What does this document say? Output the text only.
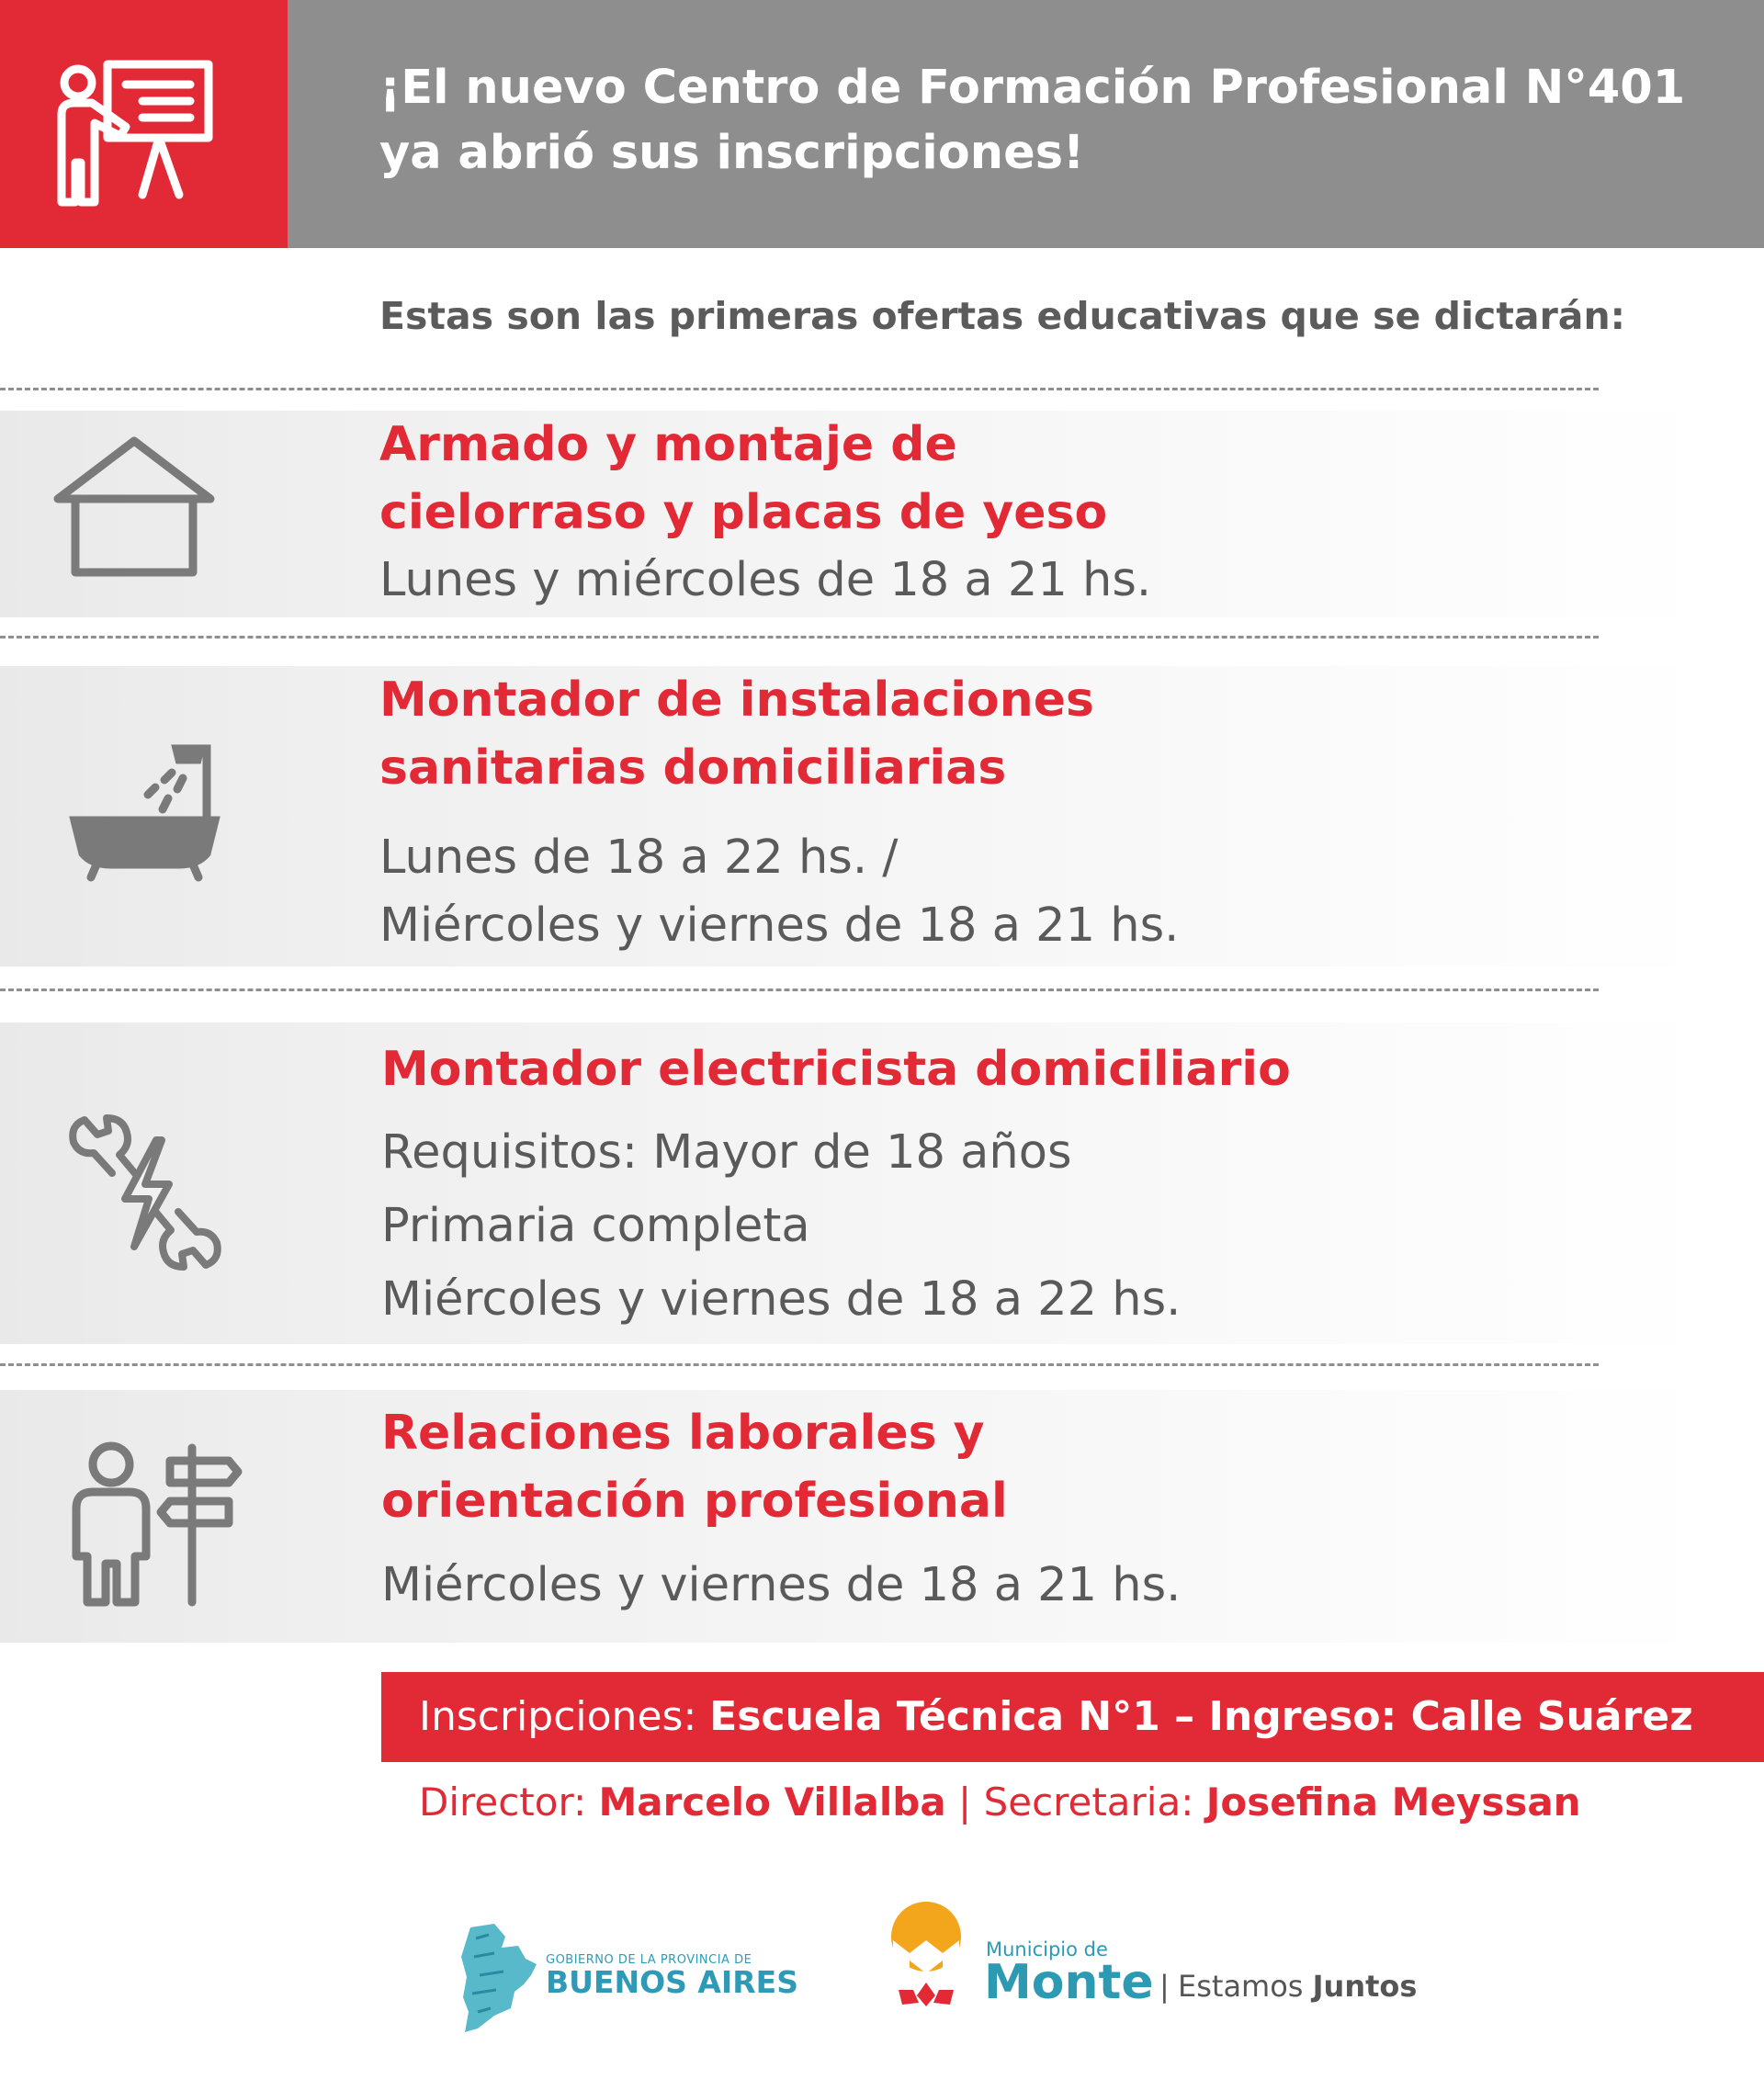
¡El nuevo Centro de Formación Profesional N°401
ya abrió sus inscripciones!
Estas son las primeras ofertas educativas que se dictarán:
Armado y montaje de
cielorraso y placas de yeso
Lunes y miércoles de 18 a 21 hs.
Montador de instalaciones
sanitarias domiciliarias
Lunes de 18 a 22 hs. /
Miércoles y viernes de 18 a 21 hs.
Montador electricista domiciliario
Requisitos: Mayor de 18 años
Primaria completa
Miércoles y viernes de 18 a 22 hs.
Relaciones laborales y
orientación profesional
Miércoles y viernes de 18 a 21 hs.
Inscripciones: Escuela Técnica N°1 – Ingreso: Calle Suárez
Director: Marcelo Villalba | Secretaria: Josefina Meyssan
GOBIERNO DE LA PROVINCIA DE
BUENOS AIRES
Municipio de
Monte | Estamos Juntos
